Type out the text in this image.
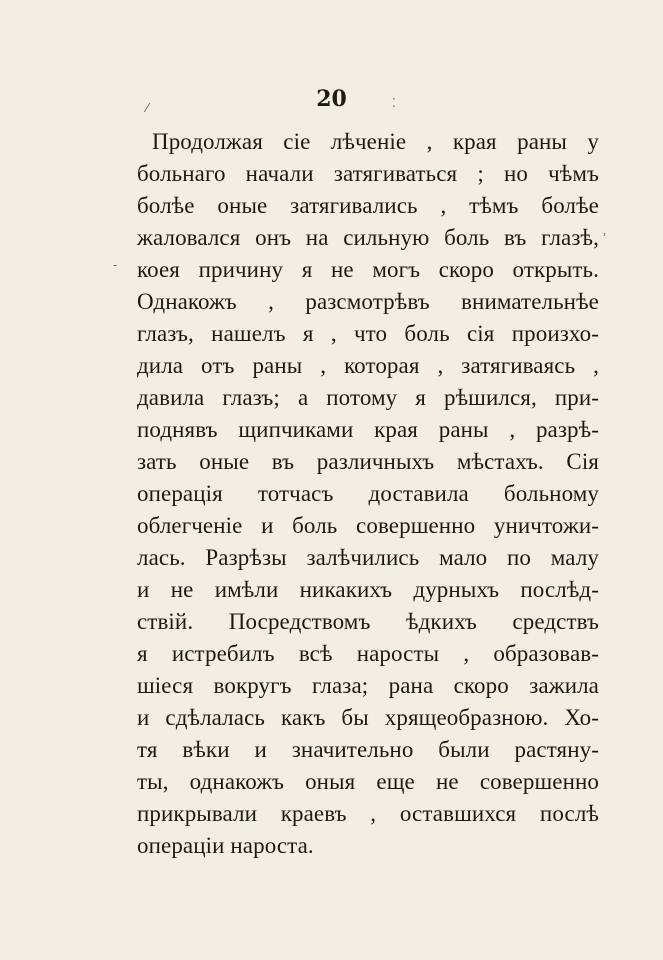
⁄	⁚
-
˒
20
Продолжая сіе лѣченіе , края раны у
больнаго начали затягиваться ; но чѣмъ
болѣе оные затягивались , тѣмъ болѣе
жаловался онъ на сильную боль въ глазѣ,
коея причину я не могъ скоро открыть.
Однакожъ , разсмотрѣвъ внимательнѣе
глазъ, нашелъ я , что боль сія произхо-
дила отъ раны , которая , затягиваясь ,
давила глазъ; а потому я рѣшился, при-
поднявъ щипчиками края раны , разрѣ-
зать оные въ различныхъ мѣстахъ. Сія
операція тотчасъ доставила больному
облегченіе и боль совершенно уничтожи-
лась. Разрѣзы залѣчились мало по малу
и не имѣли никакихъ дурныхъ послѣд-
ствій. Посредствомъ ѣдкихъ средствъ
я истребилъ всѣ наросты , образовав-
шіеся вокругъ глаза; рана скоро зажила
и сдѣлалась какъ бы хрящеобразною. Хо-
тя вѣки и значительно были растяну-
ты, однакожъ оныя еще не совершенно
прикрывали краевъ , оставшихся послѣ
операціи нароста.
